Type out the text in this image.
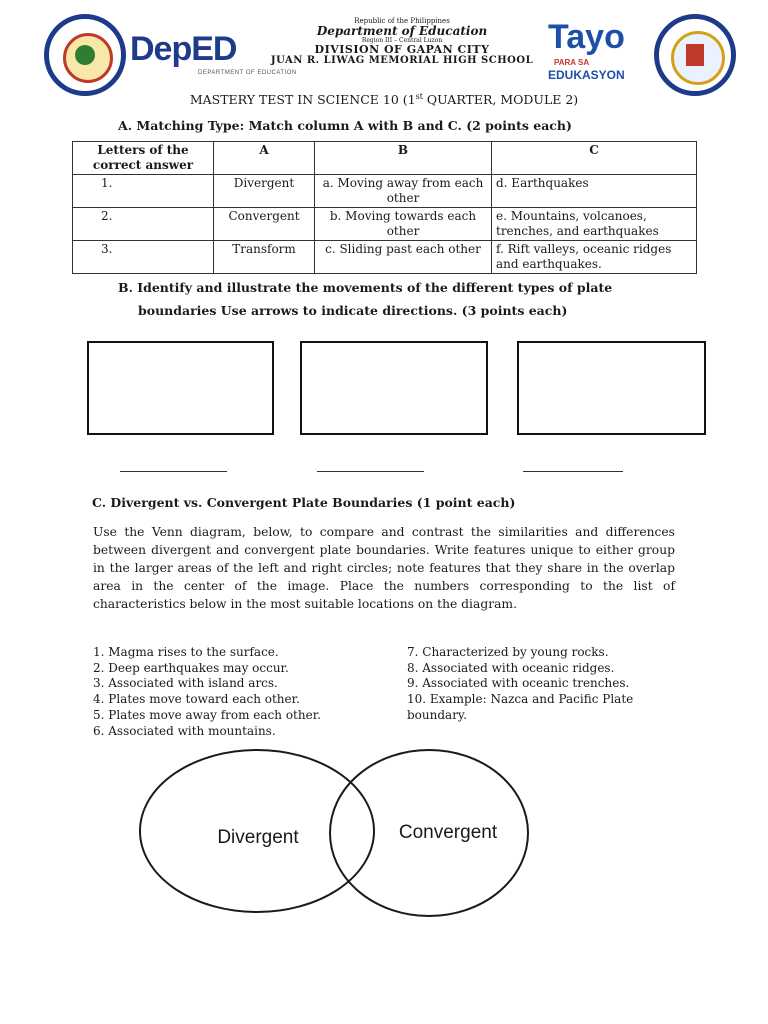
DepED
DEPARTMENT OF EDUCATION
Republic of the Philippines
Department of Education
Region III – Central Luzon
DIVISION OF GAPAN CITY
JUAN R. LIWAG MEMORIAL HIGH SCHOOL
Tayo
PARA SA
EDUKASYON
MASTERY TEST IN SCIENCE 10 (1st QUARTER, MODULE 2)
A. Matching Type: Match column A with B and C. (2 points each)
Letters of the correct answer	A	B	C
1.	Divergent	a. Moving away from each other	d. Earthquakes
2.	Convergent	b. Moving towards each other	e. Mountains, volcanoes, trenches, and earthquakes
3.	Transform	c. Sliding past each other	f. Rift valleys, oceanic ridges and earthquakes.
B. Identify and illustrate the movements of the different types of plate
boundaries Use arrows to indicate directions. (3 points each)
C. Divergent vs. Convergent Plate Boundaries (1 point each)
Use the Venn diagram, below, to compare and contrast the similarities and differences between divergent and convergent plate boundaries. Write features unique to either group in the larger areas of the left and right circles; note features that they share in the overlap area in the center of the image. Place the numbers corresponding to the list of characteristics below in the most suitable locations on the diagram.
1. Magma rises to the surface.
2. Deep earthquakes may occur.
3. Associated with island arcs.
4. Plates move toward each other.
5. Plates move away from each other.
6. Associated with mountains.
7. Characterized by young rocks.
8. Associated with oceanic ridges.
9. Associated with oceanic trenches.
10. Example: Nazca and Pacific Plate boundary.
Divergent	Convergent
